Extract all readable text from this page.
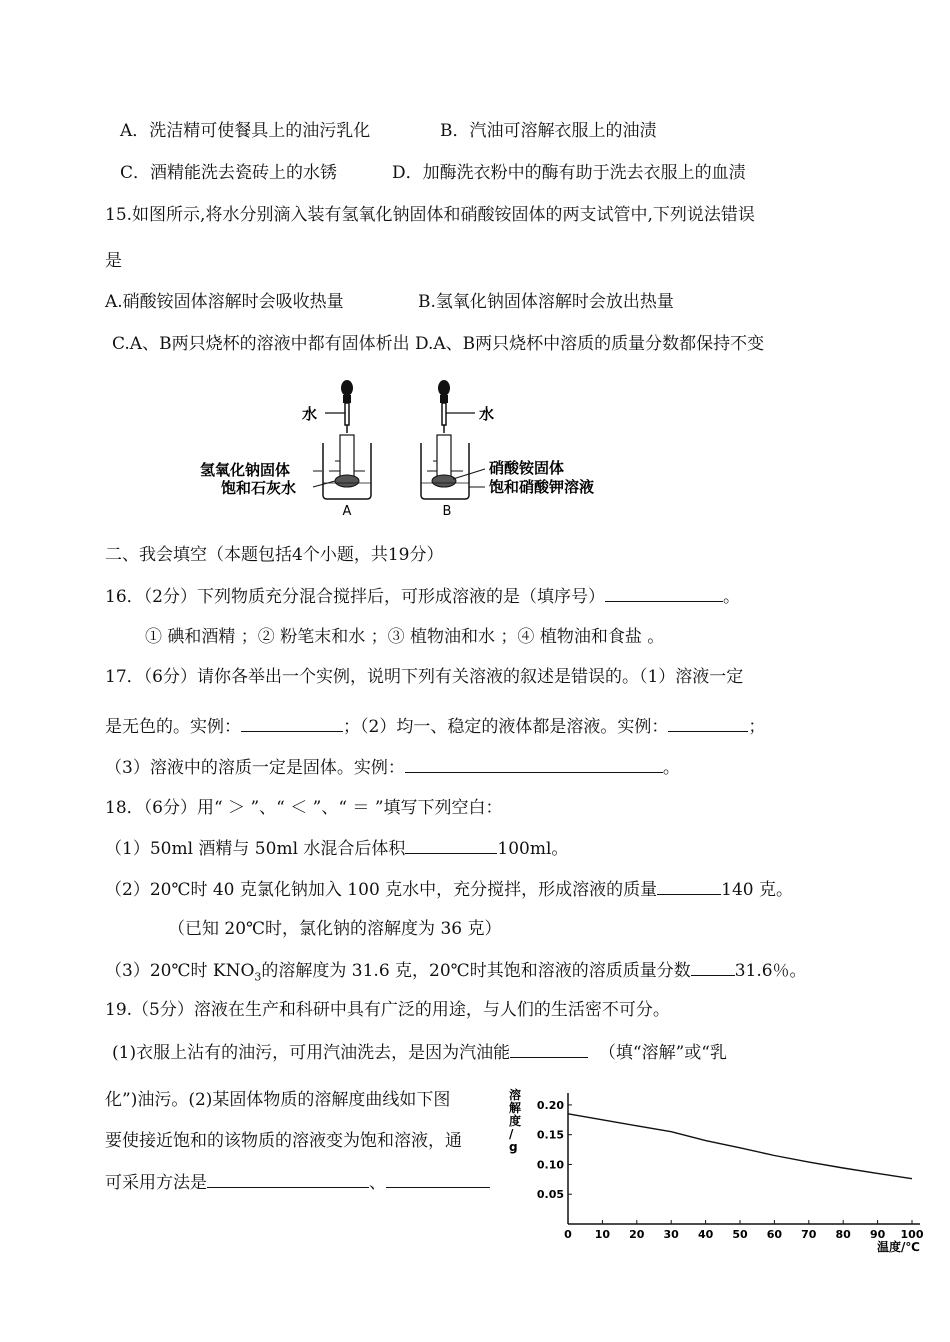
A．洗洁精可使餐具上的油污乳化	B．汽油可溶解衣服上的油渍
C．酒精能洗去瓷砖上的水锈	D．加酶洗衣粉中的酶有助于洗去衣服上的血渍
15.如图所示,将水分别滴入装有氢氧化钠固体和硝酸铵固体的两支试管中,下列说法错误
是
A.硝酸铵固体溶解时会吸收热量	B.氢氧化钠固体溶解时会放出热量
C.A、B两只烧杯的溶液中都有固体析出 D.A、B两只烧杯中溶质的质量分数都保持不变
水
氢氧化钠固体
饱和石灰水
A
水
硝酸铵固体
饱和硝酸钾溶液
B
二、我会填空（本题包括4个小题，共19分）
16．（2分）下列物质充分混合搅拌后，可形成溶液的是（填序号）	。
① 碘和酒精 ；② 粉笔末和水 ；③ 植物油和水 ；④ 植物油和食盐 。
17．（6分）请你各举出一个实例，说明下列有关溶液的叙述是错误的。（1）溶液一定
是无色的。实例：	；（2）均一、稳定的液体都是溶液。实例：	；
（3）溶液中的溶质一定是固体。实例：	。
18．（6分）用“ ＞ ”、“ ＜ ”、“ ＝ ”填写下列空白：
（1）50ml 酒精与 50ml 水混合后体积	100ml。
（2）20℃时 40 克氯化钠加入 100 克水中，充分搅拌，形成溶液的质量	140 克。
（已知 20℃时，氯化钠的溶解度为 36 克）
（3）20℃时 $KNO_3$的溶解度为 31.6 克，20℃时其饱和溶液的溶质质量分数	31.6％。
19.（5分）溶液在生产和科研中具有广泛的用途，与人们的生活密不可分。
(1)衣服上沾有的油污，可用汽油洗去，是因为汽油能	（填“溶解”或“乳
化”)油污。(2)某固体物质的溶解度曲线如下图
要使接近饱和的该物质的溶液变为饱和溶液，通
可采用方法是	、
0 10 20 30 40 50 60 70 80 90 100
0.05
0.10
0.15
0.20
溶解度/ g
温度/℃
